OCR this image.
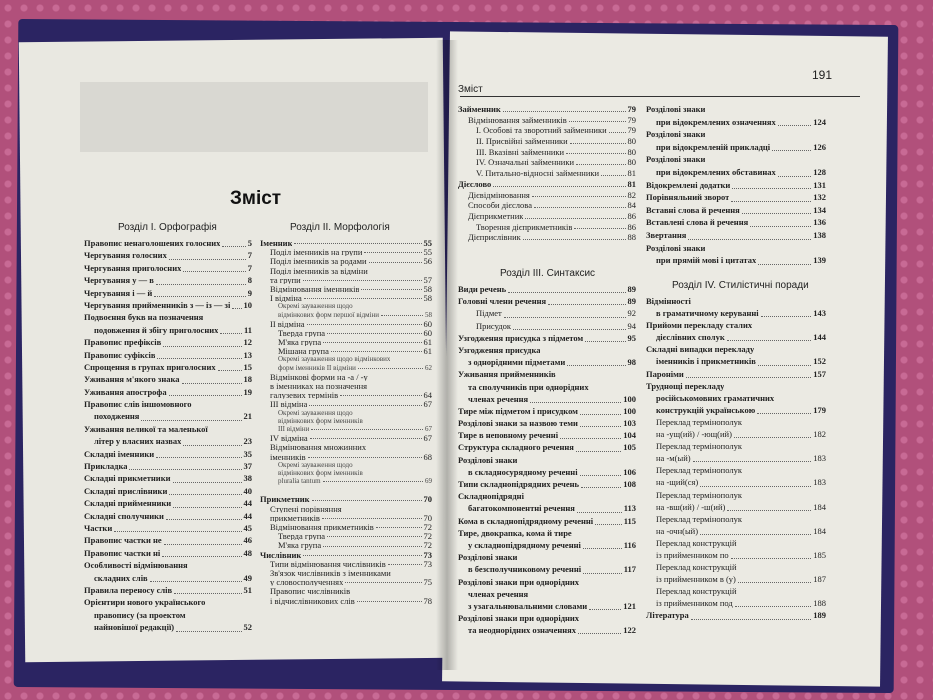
Зміст
Розділ І. Орфографія	Розділ ІІ. Морфологія
Правопис ненаголошених голосних	5
Чергування голосних	7
Чергування приголосних	7
Чергування у — в	8
Чергування і — й	9
Чергування прийменників з — із — зі 10
Подвоєння букв на позначення
подовження й збігу приголосних	11
Правопис префіксів	12
Правопис суфіксів	13
Спрощення в групах приголосних	15
Уживання м'якого знака	18
Уживання апострофа	19
Правопис слів іншомовного
походження	21
Уживання великої та маленької
літер у власних назвах	23
Складні іменники	35
Прикладка	37
Складні прикметники	38
Складні прислівники	40
Складні прийменники	44
Складні сполучники	44
Частки	45
Правопис частки не	46
Правопис частки ні	48
Особливості відмінювання
складних слів	49
Правила переносу слів	51
Орієнтири нового українського
правопису (за проектом
найновішої редакції)	52
Іменник	55
Поділ іменників на групи	55
Поділ іменників за родами	56
Поділ іменників за відміни
та групи	57
Відмінювання іменників	58
І відміна	58
Окремі зауваження щодо
відмінкових форм першої відміни	58
ІІ відміна	60
Тверда група	60
М'яка група	61
Мішана група	61
Окремі зауваження щодо відмінкових
форм іменників ІІ відміни	62
Відмінкові форми на -а / -у
в іменниках на позначення
галузевих термінів	64
ІІІ відміна	67
Окремі зауваження щодо
відмінкових форм іменників
ІІІ відміни	67
IV відміна	67
Відмінювання множинних
іменників	68
Окремі зауваження щодо
відмінкових форм іменників
pluralia tantum	69
Прикметник	70
Ступені порівняння
прикметників	70
Відмінювання прикметників	72
Тверда група	72
М'яка група	72
Числівник	73
Типи відмінювання числівників	73
Зв'язок числівників з іменниками
у словосполученнях	75
Правопис числівників
і відчислівникових слів	78
191
Зміст
Займенник	79
Відмінювання займенників	79
І. Особові та зворотний займенники 79
ІІ. Присвійні займенники	80
ІІІ. Вказівні займенники	80
IV. Означальні займенники	80
V. Питально-відносні займенники	81
Дієслово	81
Дієвідмінювання	82
Способи дієслова	84
Дієприкметник	86
Творення дієприкметників	86
Дієприслівник	88
Розділ ІІІ. Синтаксис
Види речень	89
Головні члени речення	89
Підмет	92
Присудок	94
Узгодження присудка з підметом	95
Узгодження присудка
з однорідними підметами	98
Уживання прийменників
та сполучників при однорідних
членах речення	100
Тире між підметом і присудком	100
Розділові знаки за назвою теми	103
Тире в неповному реченні	104
Структура складного речення	105
Розділові знаки
в складносурядному реченні	106
Типи складнопідрядних речень	108
Складнопідрядні
багатокомпонентні речення	113
Кома в складнопідрядному реченні	115
Тире, двокрапка, кома й тире
у складнопідрядному реченні	116
Розділові знаки
в безсполучниковому реченні	117
Розділові знаки при однорідних
членах речення
з узагальнювальними словами	121
Розділові знаки при однорідних
та неоднорідних означеннях	122
Розділові знаки
при відокремлених означеннях	124
Розділові знаки
при відокремленій прикладці	126
Розділові знаки
при відокремлених обставинах	128
Відокремлені додатки	131
Порівняльний зворот	132
Вставні слова й речення	134
Вставлені слова й речення	136
Звертання	138
Розділові знаки
при прямій мові і цитатах	139
Розділ IV. Стилістичні поради
Відмінності
в граматичному керуванні	143
Прийоми перекладу сталих
дієслівних сполук	144
Складні випадки перекладу
іменників і прикметників	152
Пароніми	157
Труднощі перекладу
російськомовних граматичних
конструкцій українською	179
Переклад термінополук
на -ущ(ий) / -ющ(ий)	182
Переклад термінополук
на -м(ый)	183
Переклад термінополук
на -щий(ся)	183
Переклад термінополук
на -вш(ий) / -ш(ий)	184
Переклад термінополук
на -очн(ый)	184
Переклад конструкцій
із прийменником по	185
Переклад конструкцій
із прийменником в (у)	187
Переклад конструкцій
із прийменником под	188
Література	189
